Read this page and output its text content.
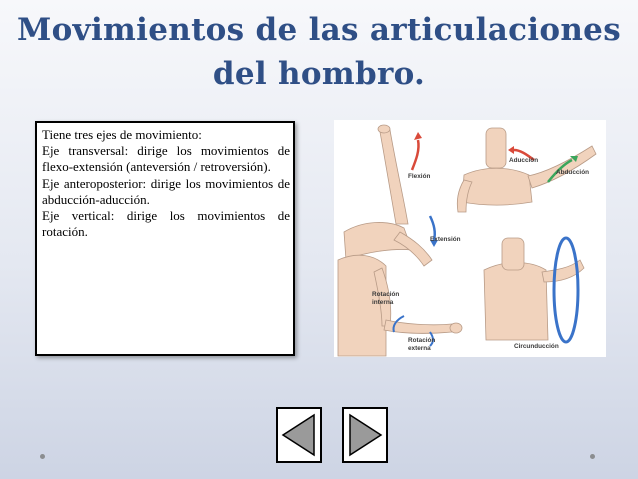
Movimientos de las articulaciones
del hombro.

Tiene tres ejes de movimiento:

Eje transversal: dirige los movimientos de flexo-extensión (anteversión / retroversión).

Eje anteroposterior: dirige los movimientos de abducción-aducción.

Eje vertical: dirige los movimientos de rotación.

Flexión
Extensión
Aducción
Abducción
Rotación
interna
Rotación
externa	Circunducción
